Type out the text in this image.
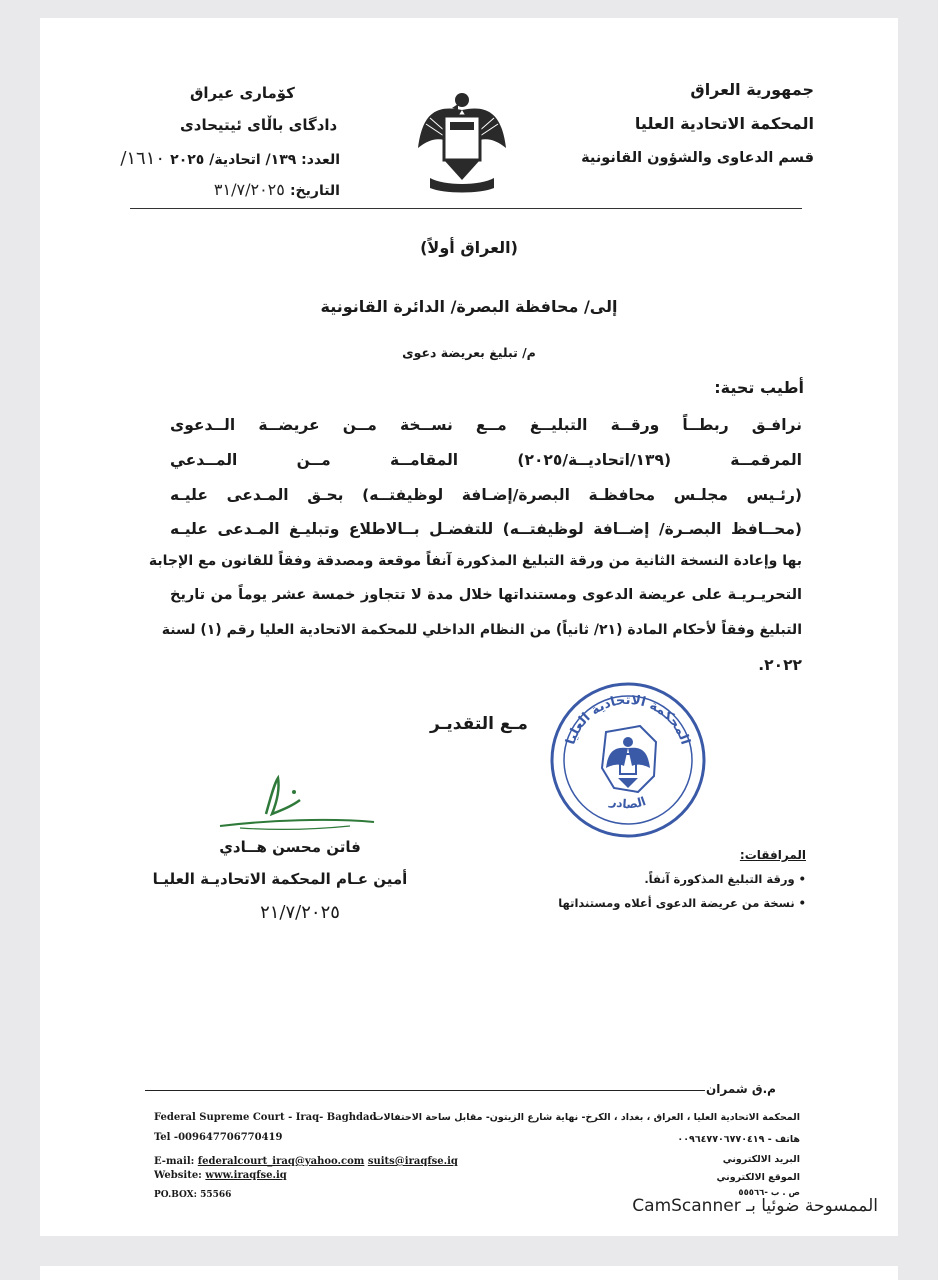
جمهورية العراق
المحكمة الاتحادية العليا
قسم الدعاوى والشؤون القانونية
كۆمارى عيراق
دادگاى باڵاى ئيتيحادى
العدد: ١٣٩/ اتحادية/ ٢٠٢٥ ١٦١٠/
التاريخ: ٣١/٧/٢٠٢٥
(العراق أولاً)
إلى/ محافظة البصرة/ الدائرة القانونية
م/ تبليغ بعريضة دعوى
أطيب تحية:
نرافـق ربطــاً ورقــة التبليــغ مــع نســخة مــن عريضــة الــدعوى
المرقمــة (١٣٩/اتحاديــة/٢٠٢٥) المقامــة مــن المــدعي
(رئـيس مجلـس محافظـة البصرة/إضـافة لوظيفتــه) بحـق المـدعى عليـه
(محــافظ البصـرة/ إضــافة لوظيفتــه) للتفضـل بــالاطلاع وتبليـغ المـدعى عليـه
بها وإعادة النسخة الثانية من ورقة التبليغ المذكورة آنفاً موقعة ومصدقة وفقاً للقانون مع الإجابة
التحريـريـة على عريضة الدعوى ومستنداتها خلال مدة لا تتجاوز خمسة عشر يوماً من تاريخ
التبليغ وفقاً لأحكام المادة (٢١/ ثانياً) من النظام الداخلي للمحكمة الاتحادية العليا رقم (١) لسنة
٢٠٢٢.
مـع التقديـر
المحكمة الاتحادية العليا
الصادر
فاتن محسن هــادي
أمين عـام المحكمة الاتحاديـة العليـا
٢١/٧/٢٠٢٥
المرافقات:
• ورقة التبليغ المذكورة آنفاً.
• نسخة من عريضة الدعوى أعلاه ومستنداتها
م.ق شمران
Federal Supreme Court - Iraq- Baghdad
Tel -009647706770419
E-mail: federalcourt_iraq@yahoo.com suits@iraqfse.iq
Website: www.iraqfse.iq
PO.BOX: 55566
المحكمة الاتحادية العليا ، العراق ، بغداد ، الكرخ- نهاية شارع الزيتون- مقابل ساحة الاحتفالات
هاتف - ٠٠٩٦٤٧٧٠٦٧٧٠٤١٩
البريد الالكتروني
الموقع الالكتروني
ص . ب -٥٥٥٦٦
الممسوحة ضوئيا بـ CamScanner
